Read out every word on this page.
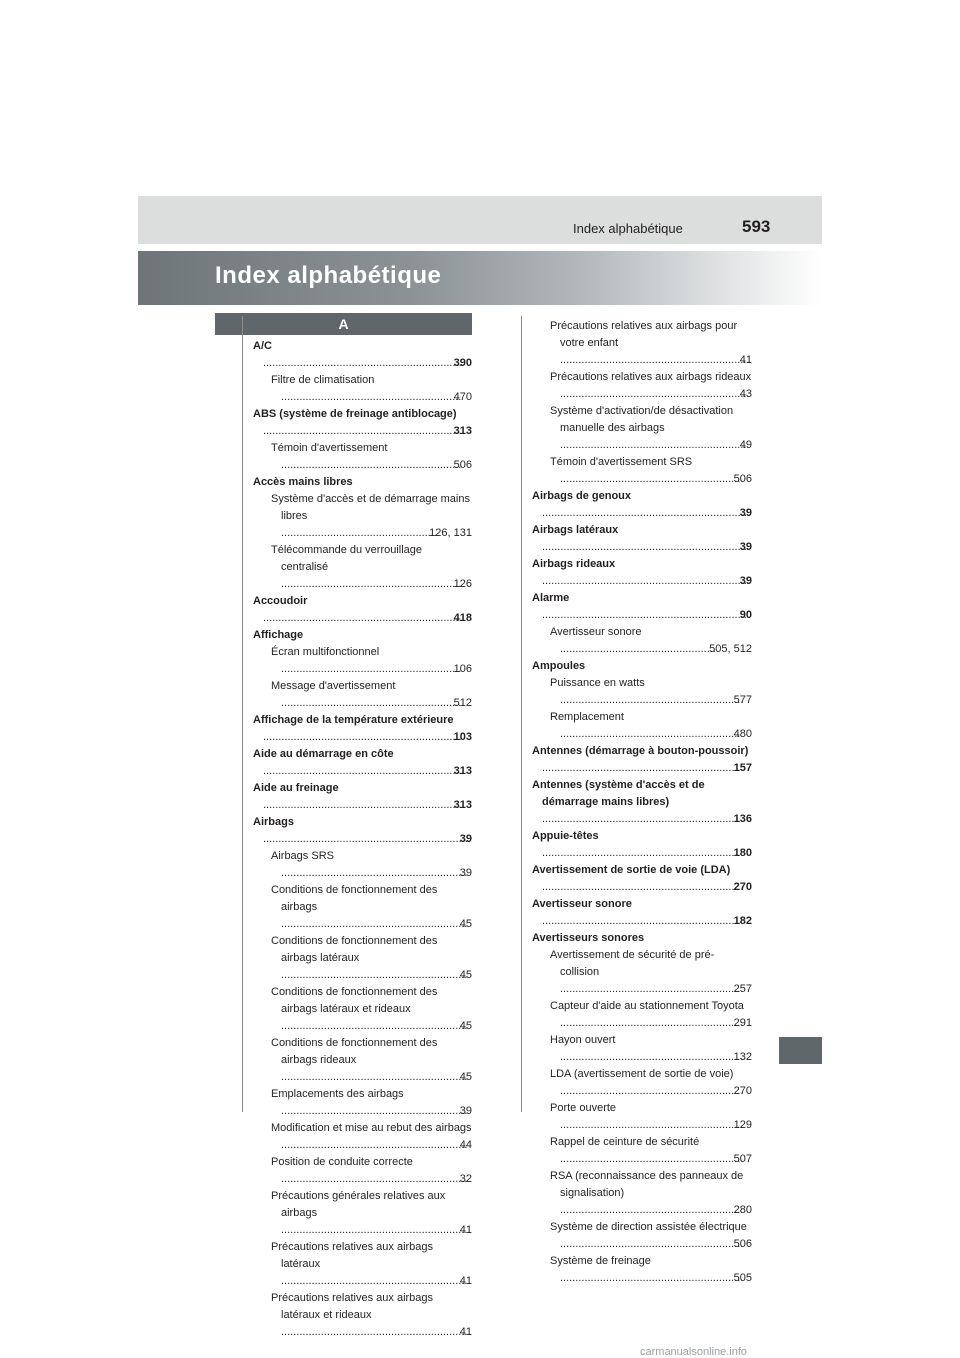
Index alphabétique	593
Index alphabétique
A
A/C .....
390
Filtre de climatisation .....
470
ABS (système de freinage antiblocage) .....
313
Témoin d'avertissement .....
506
Accès mains libres
Système d'accès et de démarrage mains libres .....
126, 131
Télécommande du verrouillage centralisé .....
126
Accoudoir .....
418
Affichage
Écran multifonctionnel .....
106
Message d'avertissement .....
512
Affichage de la température extérieure .....
103
Aide au démarrage en côte .....
313
Aide au freinage .....
313
Airbags .....
39
Airbags SRS .....
39
Conditions de fonctionnement des airbags .....
45
Conditions de fonctionnement des airbags latéraux .....
45
Conditions de fonctionnement des airbags latéraux et rideaux .....
45
Conditions de fonctionnement des airbags rideaux .....
45
Emplacements des airbags .....
39
Modification et mise au rebut des airbags .....
44
Position de conduite correcte .....
32
Précautions générales relatives aux airbags .....
41
Précautions relatives aux airbags latéraux .....
41
Précautions relatives aux airbags latéraux et rideaux .....
41
Précautions relatives aux airbags pour votre enfant .....
41
Précautions relatives aux airbags rideaux .....
43
Système d'activation/de désactivation manuelle des airbags .....
49
Témoin d'avertissement SRS .....
506
Airbags de genoux .....
39
Airbags latéraux .....
39
Airbags rideaux .....
39
Alarme .....
90
Avertisseur sonore .....
505, 512
Ampoules
Puissance en watts .....
577
Remplacement .....
480
Antennes (démarrage à bouton-poussoir) .....
157
Antennes (système d'accès et de démarrage mains libres) .....
136
Appuie-têtes .....
180
Avertissement de sortie de voie (LDA) .....
270
Avertisseur sonore .....
182
Avertisseurs sonores
Avertissement de sécurité de pré-collision .....
257
Capteur d'aide au stationnement Toyota .....
291
Hayon ouvert .....
132
LDA (avertissement de sortie de voie) .....
270
Porte ouverte .....
129
Rappel de ceinture de sécurité .....
507
RSA (reconnaissance des panneaux de signalisation) .....
280
Système de direction assistée électrique .....
506
Système de freinage .....
505
carmanualsonline.info
